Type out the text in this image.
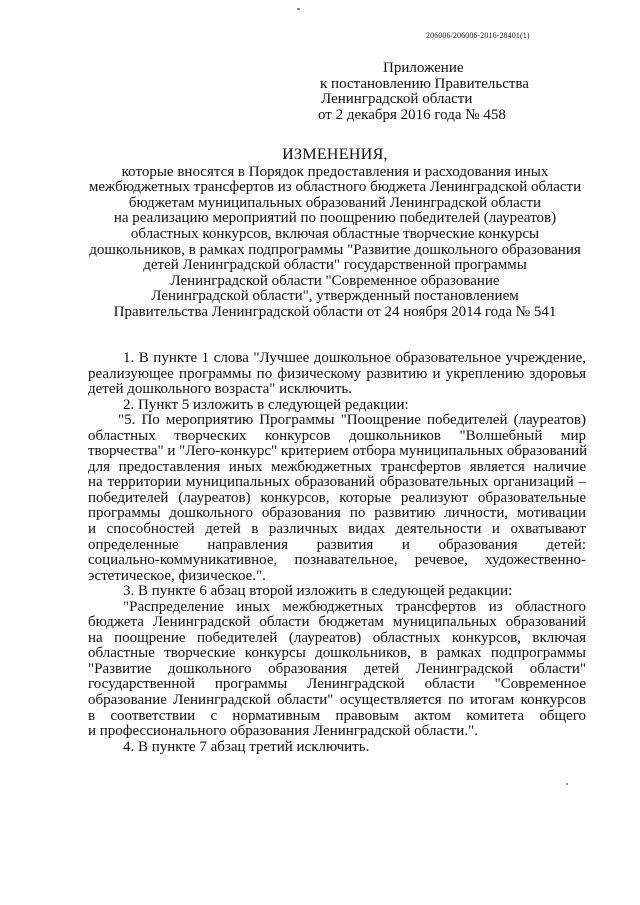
206006/206006-2016-28401(1)
Приложение
к постановлению Правительства
Ленинградской области
от 2 декабря 2016 года № 458
ИЗМЕНЕНИЯ,
которые вносятся в Порядок предоставления и расходования иных
межбюджетных трансфертов из областного бюджета Ленинградской области
бюджетам муниципальных образований Ленинградской области
на реализацию мероприятий по поощрению победителей (лауреатов)
областных конкурсов, включая областные творческие конкурсы
дошкольников, в рамках подпрограммы "Развитие дошкольного образования
детей Ленинградской области" государственной программы
Ленинградской области "Современное образование
Ленинградской области", утвержденный постановлением
Правительства Ленинградской области от 24 ноября 2014 года № 541
1. В пункте 1 слова "Лучшее дошкольное образовательное учреждение,
реализующее программы по физическому развитию и укреплению здоровья
детей дошкольного возраста" исключить.
2. Пункт 5 изложить в следующей редакции:
"5. По мероприятию Программы "Поощрение победителей (лауреатов)
областных творческих конкурсов дошкольников "Волшебный мир
творчества" и "Лего-конкурс" критерием отбора муниципальных образований
для предоставления иных межбюджетных трансфертов является наличие
на территории муниципальных образований образовательных организаций –
победителей (лауреатов) конкурсов, которые реализуют образовательные
программы дошкольного образования по развитию личности, мотивации
и способностей детей в различных видах деятельности и охватывают
определенные направления развития и образования детей:
социально-коммуникативное, познавательное, речевое, художественно-
эстетическое, физическое.".
3. В пункте 6 абзац второй изложить в следующей редакции:
"Распределение иных межбюджетных трансфертов из областного
бюджета Ленинградской области бюджетам муниципальных образований
на поощрение победителей (лауреатов) областных конкурсов, включая
областные творческие конкурсы дошкольников, в рамках подпрограммы
"Развитие дошкольного образования детей Ленинградской области"
государственной программы Ленинградской области "Современное
образование Ленинградской области" осуществляется по итогам конкурсов
в соответствии с нормативным правовым актом комитета общего
и профессионального образования Ленинградской области.".
4. В пункте 7 абзац третий исключить.
